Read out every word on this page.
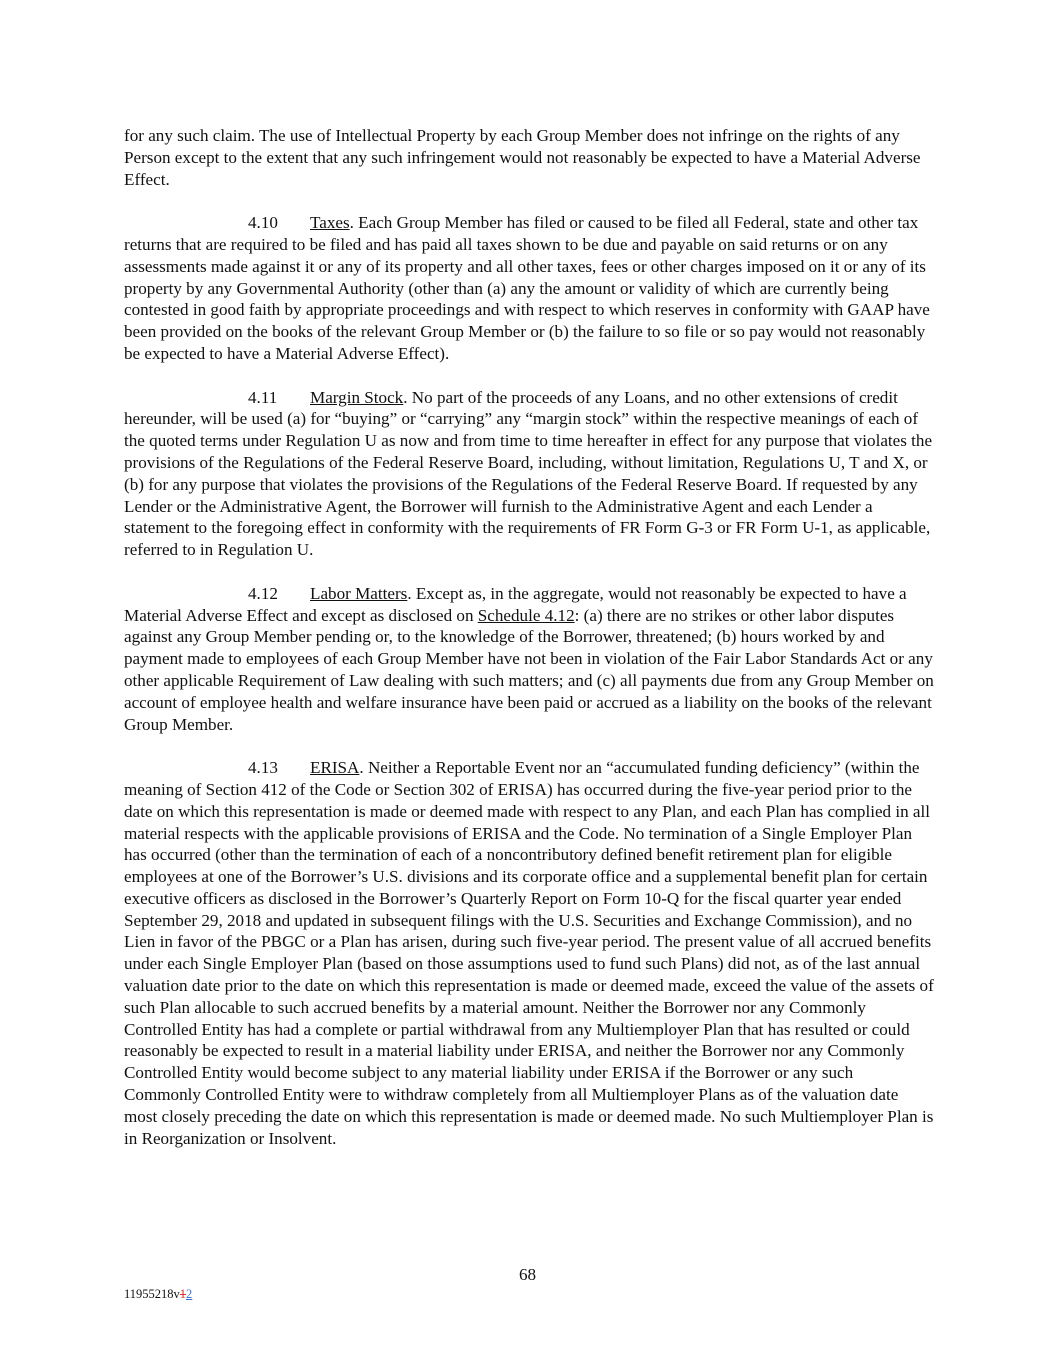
for any such claim. The use of Intellectual Property by each Group Member does not infringe on the rights of any Person except to the extent that any such infringement would not reasonably be expected to have a Material Adverse Effect.

4.10 Taxes. Each Group Member has filed or caused to be filed all Federal, state and other tax returns that are required to be filed and has paid all taxes shown to be due and payable on said returns or on any assessments made against it or any of its property and all other taxes, fees or other charges imposed on it or any of its property by any Governmental Authority (other than (a) any the amount or validity of which are currently being contested in good faith by appropriate proceedings and with respect to which reserves in conformity with GAAP have been provided on the books of the relevant Group Member or (b) the failure to so file or so pay would not reasonably be expected to have a Material Adverse Effect).

4.11 Margin Stock. No part of the proceeds of any Loans, and no other extensions of credit hereunder, will be used (a) for “buying” or “carrying” any “margin stock” within the respective meanings of each of the quoted terms under Regulation U as now and from time to time hereafter in effect for any purpose that violates the provisions of the Regulations of the Federal Reserve Board, including, without limitation, Regulations U, T and X, or (b) for any purpose that violates the provisions of the Regulations of the Federal Reserve Board. If requested by any Lender or the Administrative Agent, the Borrower will furnish to the Administrative Agent and each Lender a statement to the foregoing effect in conformity with the requirements of FR Form G-3 or FR Form U-1, as applicable, referred to in Regulation U.

4.12 Labor Matters. Except as, in the aggregate, would not reasonably be expected to have a Material Adverse Effect and except as disclosed on Schedule 4.12: (a) there are no strikes or other labor disputes against any Group Member pending or, to the knowledge of the Borrower, threatened; (b) hours worked by and payment made to employees of each Group Member have not been in violation of the Fair Labor Standards Act or any other applicable Requirement of Law dealing with such matters; and (c) all payments due from any Group Member on account of employee health and welfare insurance have been paid or accrued as a liability on the books of the relevant Group Member.

4.13 ERISA. Neither a Reportable Event nor an “accumulated funding deficiency” (within the meaning of Section 412 of the Code or Section 302 of ERISA) has occurred during the five-year period prior to the date on which this representation is made or deemed made with respect to any Plan, and each Plan has complied in all material respects with the applicable provisions of ERISA and the Code. No termination of a Single Employer Plan has occurred (other than the termination of each of a noncontributory defined benefit retirement plan for eligible employees at one of the Borrower’s U.S. divisions and its corporate office and a supplemental benefit plan for certain executive officers as disclosed in the Borrower’s Quarterly Report on Form 10-Q for the fiscal quarter year ended September 29, 2018 and updated in subsequent filings with the U.S. Securities and Exchange Commission), and no Lien in favor of the PBGC or a Plan has arisen, during such five-year period. The present value of all accrued benefits under each Single Employer Plan (based on those assumptions used to fund such Plans) did not, as of the last annual valuation date prior to the date on which this representation is made or deemed made, exceed the value of the assets of such Plan allocable to such accrued benefits by a material amount. Neither the Borrower nor any Commonly Controlled Entity has had a complete or partial withdrawal from any Multiemployer Plan that has resulted or could reasonably be expected to result in a material liability under ERISA, and neither the Borrower nor any Commonly Controlled Entity would become subject to any material liability under ERISA if the Borrower or any such Commonly Controlled Entity were to withdraw completely from all Multiemployer Plans as of the valuation date most closely preceding the date on which this representation is made or deemed made. No such Multiemployer Plan is in Reorganization or Insolvent.

68
11955218v12
